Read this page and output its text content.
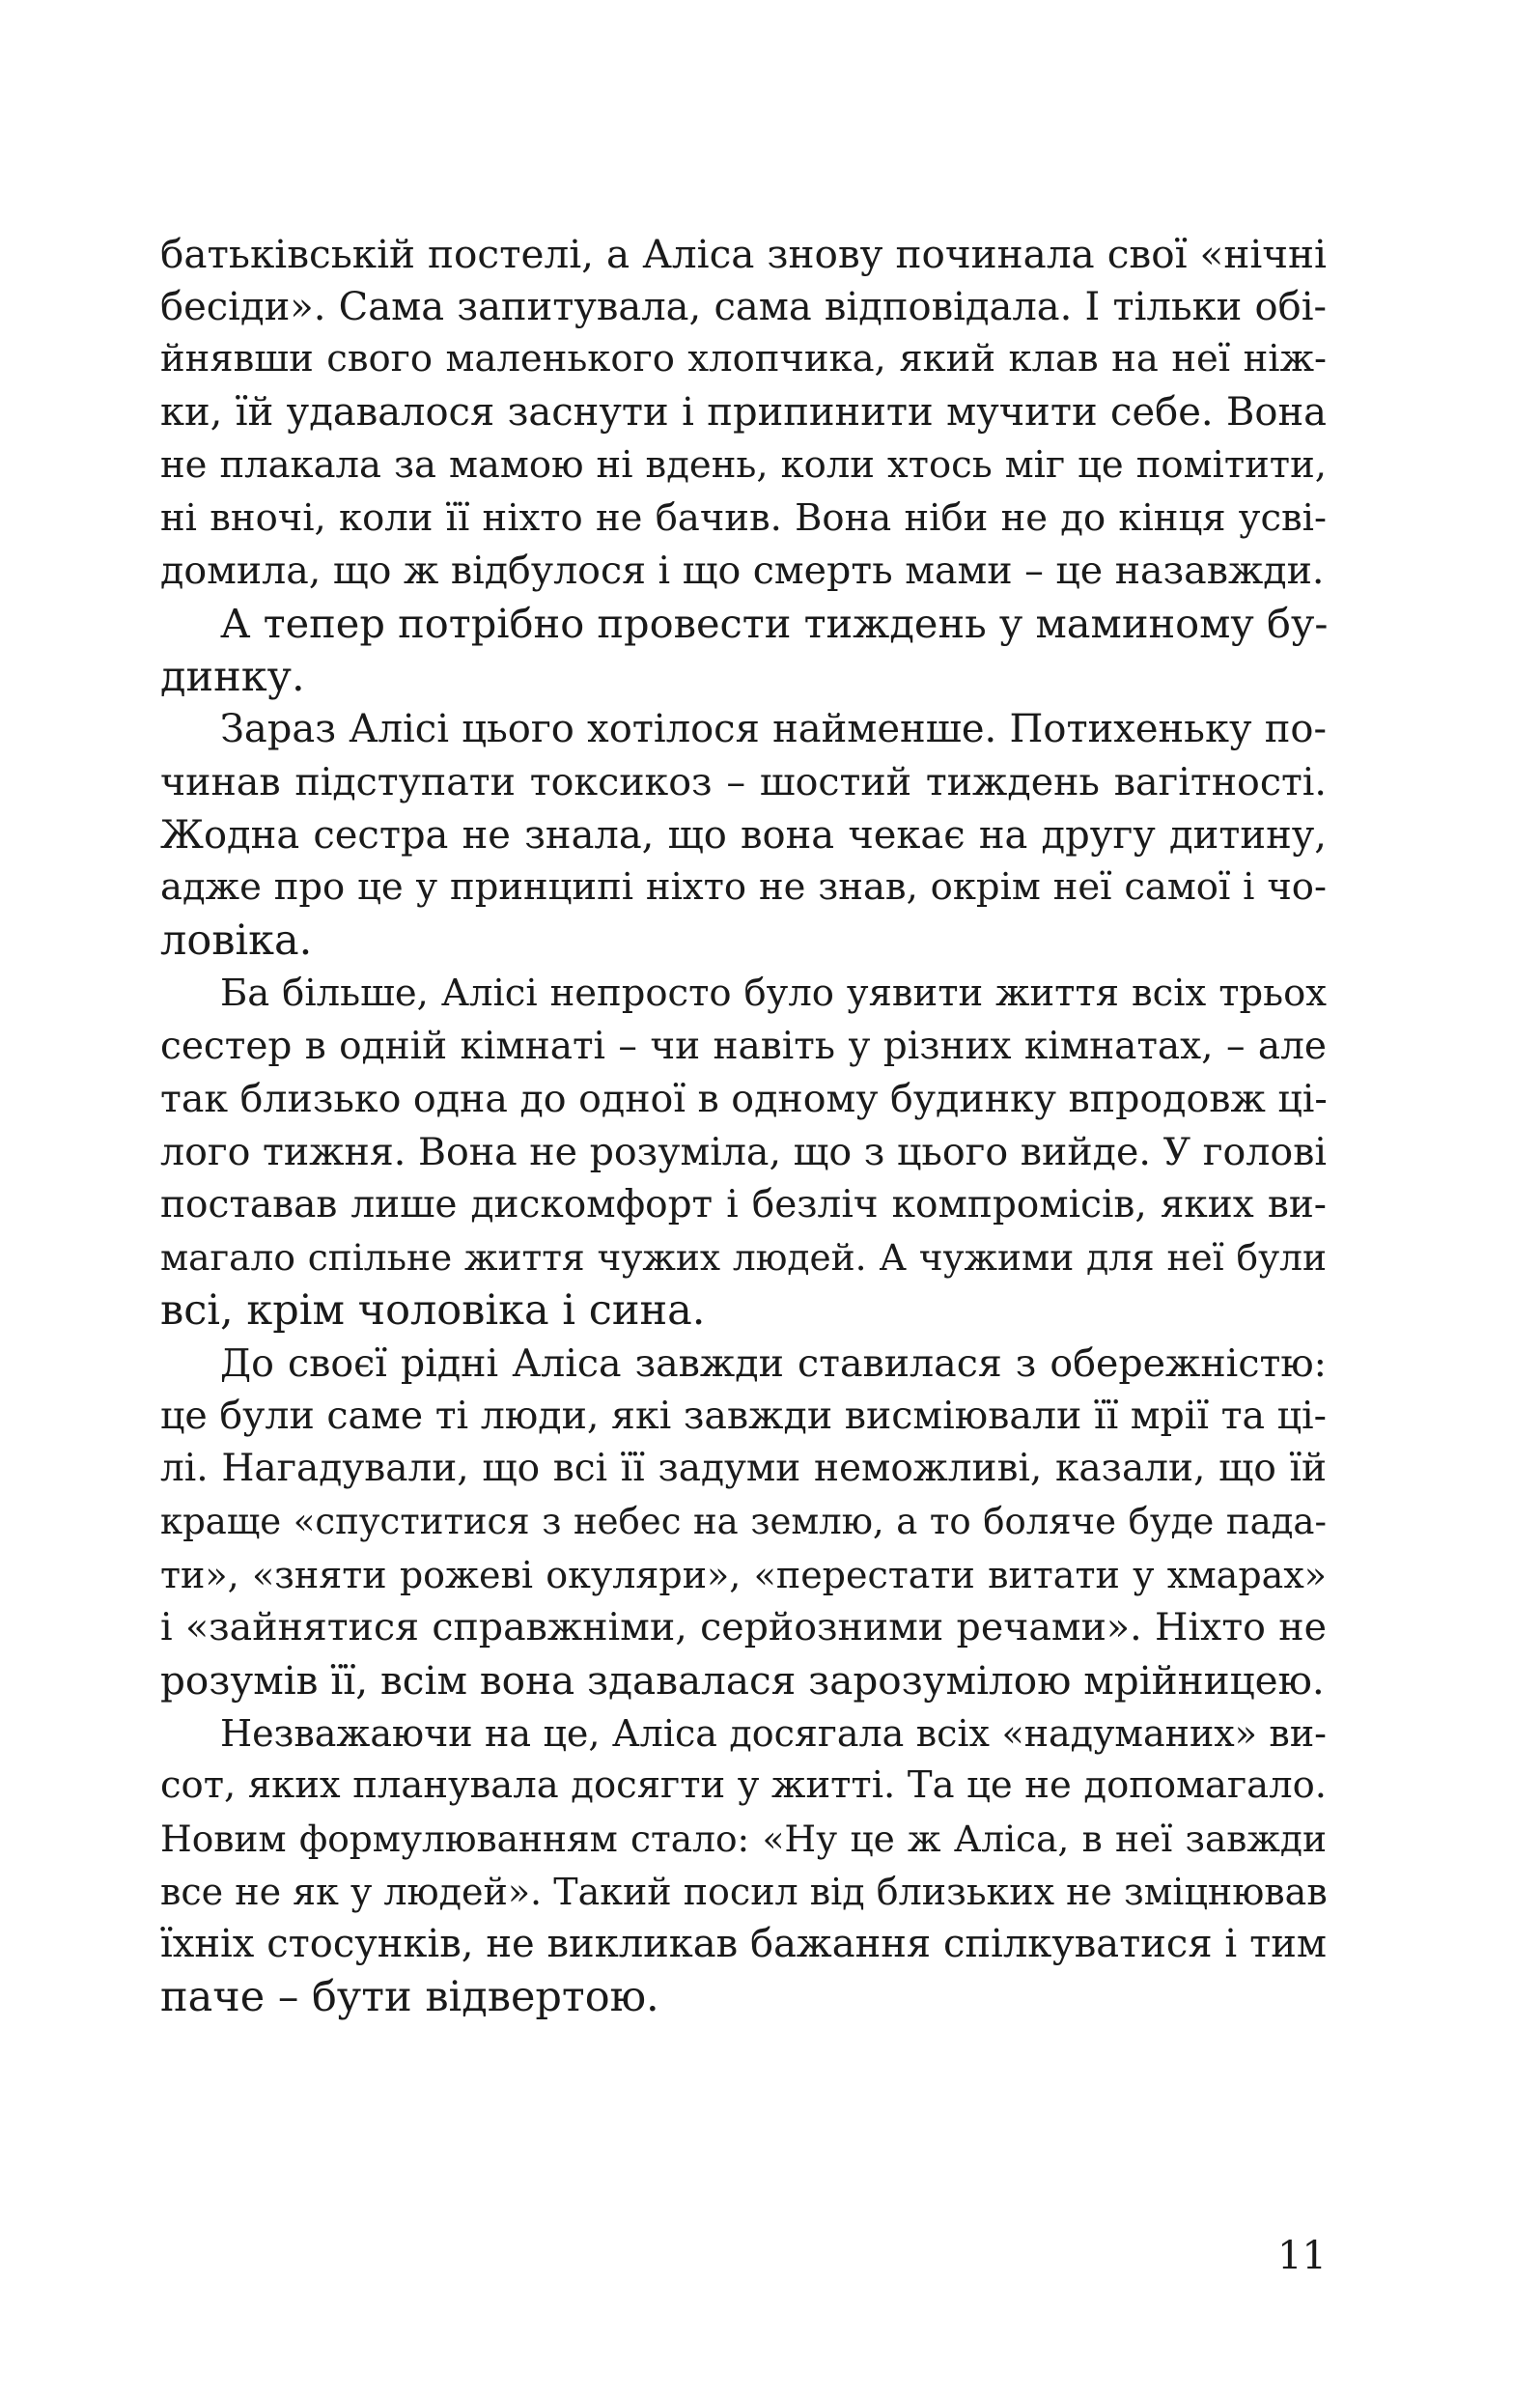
батьківській постелі, а Аліса знову починала свої «нічні
бесіди». Сама запитувала, сама відповідала. І тільки обі-
йнявши свого маленького хлопчика, який клав на неї ніж-
ки, їй удавалося заснути і припинити мучити себе. Вона
не плакала за мамою ні вдень, коли хтось міг це помітити,
ні вночі, коли її ніхто не бачив. Вона ніби не до кінця усві-
домила, що ж відбулося і що смерть мами – це назавжди.
А тепер потрібно провести тиждень у маминому бу-
динку.
Зараз Алісі цього хотілося найменше. Потихеньку по-
чинав підступати токсикоз – шостий тиждень вагітності.
Жодна сестра не знала, що вона чекає на другу дитину,
адже про це у принципі ніхто не знав, окрім неї самої і чо-
ловіка.
Ба більше, Алісі непросто було уявити життя всіх трьох
сестер в одній кімнаті – чи навіть у різних кімнатах, – але
так близько одна до одної в одному будинку впродовж ці-
лого тижня. Вона не розуміла, що з цього вийде. У голові
поставав лише дискомфорт і безліч компромісів, яких ви-
магало спільне життя чужих людей. А чужими для неї були
всі, крім чоловіка і сина.
До своєї рідні Аліса завжди ставилася з обережністю:
це були саме ті люди, які завжди висміювали її мрії та ці-
лі. Нагадували, що всі її задуми неможливі, казали, що їй
краще «спуститися з небес на землю, а то боляче буде пада-
ти», «зняти рожеві окуляри», «перестати витати у хмарах»
і «зайнятися справжніми, серйозними речами». Ніхто не
розумів її, всім вона здавалася зарозумілою мрійницею.
Незважаючи на це, Аліса досягала всіх «надуманих» ви-
сот, яких планувала досягти у житті. Та це не допомагало.
Новим формулюванням стало: «Ну це ж Аліса, в неї завжди
все не як у людей». Такий посил від близьких не зміцнював
їхніх стосунків, не викликав бажання спілкуватися і тим
паче – бути відвертою.
11
